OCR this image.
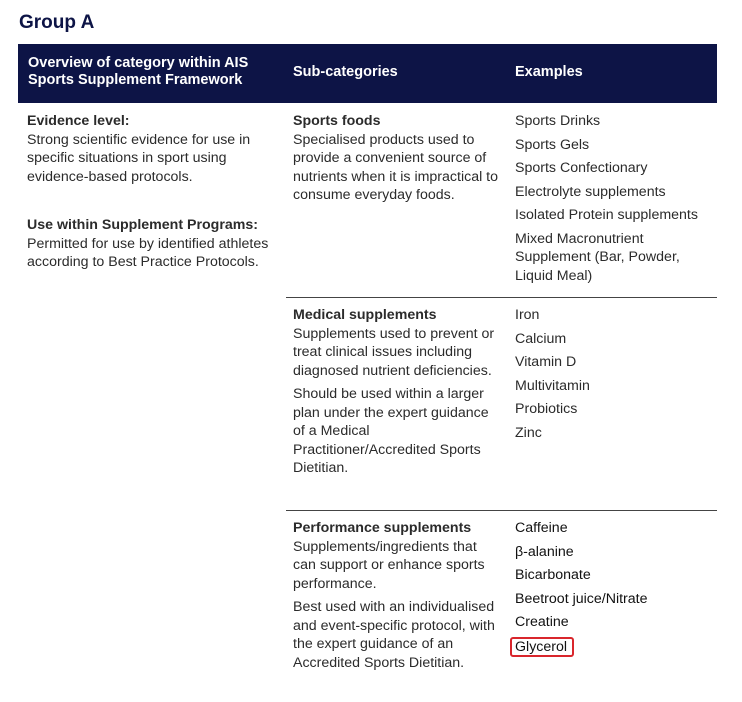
Group A
Overview of category within AIS Sports Supplement Framework	Sub-categories	Examples

Evidence level:

Strong scientific evidence for use in specific situations in sport using evidence-based protocols.

Use within Supplement Programs:

Permitted for use by identified athletes according to Best Practice Protocols.

Sports foods

Specialised products used to provide a convenient source of nutrients when it is impractical to consume everyday foods.

Sports Drinks
Sports Gels
Sports Confectionary
Electrolyte supplements
Isolated Protein supplements
Mixed Macronutrient Supplement (Bar, Powder, Liquid Meal)

Medical supplements

Supplements used to prevent or treat clinical issues including diagnosed nutrient deficiencies.

Should be used within a larger plan under the expert guidance of a Medical Practitioner/Accredited Sports Dietitian.

Iron
Calcium
Vitamin D
Multivitamin
Probiotics
Zinc

Performance supplements

Supplements/ingredients that can support or enhance sports performance.

Best used with an individualised and event-specific protocol, with the expert guidance of an Accredited Sports Dietitian.

Caffeine
β-alanine
Bicarbonate
Beetroot juice/Nitrate
Creatine
Glycerol
